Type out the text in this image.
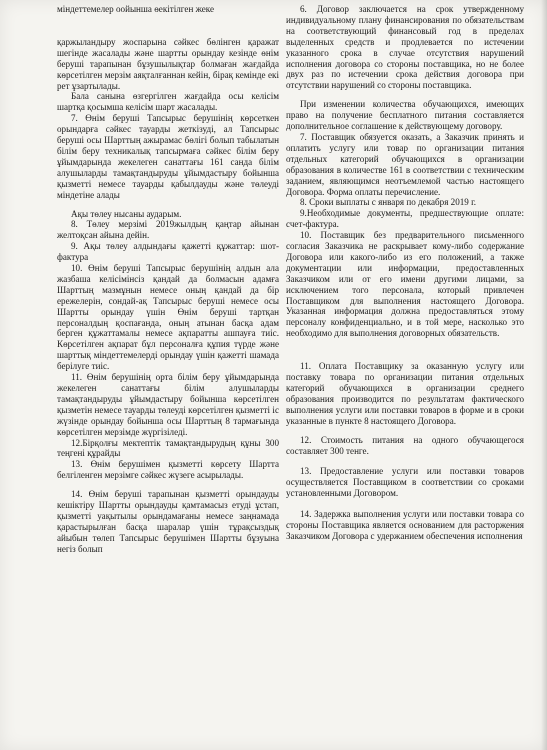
міндеттемелер оойынша өекітілген жеке

қаржыландыру жоспарына сәйкес бөлінген қаражат шегінде жасалады және шартты орындау кезінде өнім беруші тарапынан бұзушылықтар болмаған жағдайда көрсетілген мерзім аяқталғаннан кейін, бірақ кемінде екі рет ұзартылады.

Бала санына өзгергілген жағдайда осы келісім шартқа қосымша келісім шарт жасалады.

7. Өнім беруші Тапсырыс берушінің көрсеткен орындарға сәйкес тауарды жеткізуді, ал Тапсырыс беруші осы Шарттың ажырамас бөлігі болып табылатын білім беру техникалық тапсырмаға сәйкес білім беру ұйымдарында жекелеген санаттағы 161 санда білім алушыларды тамақтандыруды ұйымдастыру бойынша қызметті немесе тауарды қабылдауды және төлеуді міндетіне алады

Ақы төлеу нысаны аударым.

8. Төлеу мерзімі 2019жылдың қаңтар айынан желтоқсан айына дейін.

9. Ақы төлеу алдындағы қажетті құжаттар: шот-фактура

10. Өнім беруші Тапсырыс берушінің алдын ала жазбаша келісімінсіз қандай да болмасын адамға Шарттың мазмұнын немесе оның қандай да бір ережелерін, сондай-ақ Тапсырыс беруші немесе осы Шартты орындау үшін Өнім беруші тартқан персоналдың қоспағанда, оның атынан басқа адам берген құжаттамалы немесе ақпаратты ашпауға тиіс. Көрсетілген ақпарат бұл персоналға құпия түрде және шарттық міндеттемелерді орындау үшін қажетті шамада берілуге тиіс.

11. Өнім берушінің орта білім беру ұйымдарында жекелеген санаттағы білім алушыларды тамақтандыруды ұйымдастыру бойынша көрсетілген қызметін немесе тауарды төлеуді көрсетілген қызметті іс жүзінде орындау бойынша осы Шарттың 8 тармағында көрсетілген мерзімде жүргізіледі.

12.Бірқолғы мектептік тамақтандырудың құны 300 теңгені құрайды

13. Өнім берушімен қызметті көрсету Шартта белгіленген мерзімге сәйкес жүзеге асырылады.

14. Өнім беруші тарапынан қызметті орындауды кешіктіру Шартты орындауды қамтамасыз етуді ұстап, қызметті уақытылы орындамағаны немесе заңнамада қарастырылған басқа шаралар үшін тұрақсыздық айыбын төлеп Тапсырыс берушімен Шартты бұзуына негіз болып

6. Договор заключается на срок утвержденному индивидуальному плану финансирования по обязательствам на соответствующий финансовый год в пределах выделенных средств и продлевается по истечении указанного срока в случае отсутствия нарушений исполнения договора со стороны поставщика, но не более двух раз по истечении срока действия договора при отсутствии нарушений со стороны поставщика.

При изменении количества обучающихся, имеющих право на получение бесплатного питания составляется дополнительное соглашение к действующему договору.

7. Поставщик обязуется оказать, а Заказчик принять и оплатить услугу или товар по организации питания отдельных категорий обучающихся в организации образования в количестве 161 в соответствии с техническим заданием, являющимся неотъемлемой частью настоящего Договора. Форма оплаты перечисление.

8. Сроки выплаты с января по декабря 2019 г.

9.Необходимые документы, предшествующие оплате: счет-фактура.

10. Поставщик без предварительного письменного согласия Заказчика не раскрывает кому-либо содержание Договора или какого-либо из его положений, а также документации или информации, предоставленных Заказчиком или от его имени другими лицами, за исключением того персонала, который привлечен Поставщиком для выполнения настоящего Договора. Указанная информация должна предоставляться этому персоналу конфиденциально, и в той мере, насколько это необходимо для выполнения договорных обязательств.

11. Оплата Поставщику за оказанную услугу или поставку товара по организации питания отдельных категорий обучающихся в организации среднего образования производится по результатам фактического выполнения услуги или поставки товаров в форме и в сроки указанные в пункте 8 настоящего Договора.

12. Стоимость питания на одного обучающегося составляет 300 тенге.

13. Предоставление услуги или поставки товаров осуществляется Поставщиком в соответствии со сроками установленными Договором.

14. Задержка выполнения услуги или поставки товара со стороны Поставщика является основанием для расторжения Заказчиком Договора с удержанием обеспечения исполнения
